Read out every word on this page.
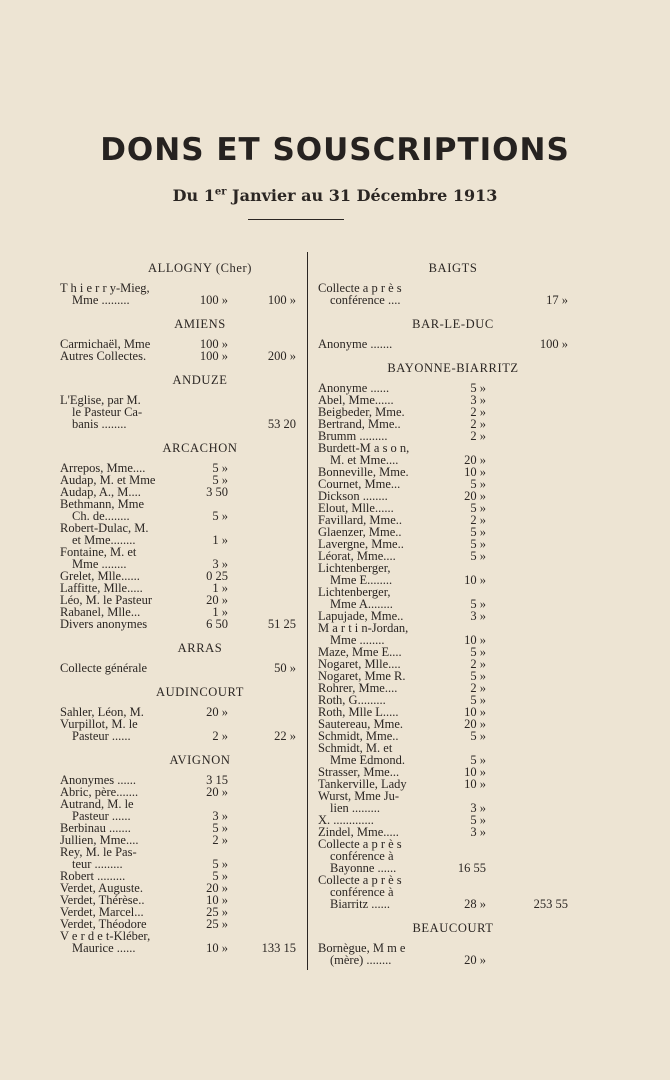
DONS ET SOUSCRIPTIONS
Du 1er Janvier au 31 Décembre 1913
ALLOGNY (Cher)
T h i e r r y-Mieg,
Mme .........	100 »	100 »
AMIENS
Carmichaël, Mme	100 »
Autres Collectes.	100 »	200 »
ANDUZE
L'Eglise, par M.
le Pasteur Ca-
banis ........	53 20
ARCACHON
Arrepos, Mme....	5 »
Audap, M. et Mme	5 »
Audap, A., M....	3 50
Bethmann, Mme
Ch. de........	5 »
Robert-Dulac, M.
et Mme........	1 »
Fontaine, M. et
Mme ........	3 »
Grelet, Mlle......	0 25
Laffitte, Mlle.....	1 »
Léo, M. le Pasteur	20 »
Rabanel, Mlle...	1 »
Divers anonymes	6 50	51 25
ARRAS
Collecte générale	50 »
AUDINCOURT
Sahler, Léon, M.	20 »
Vurpillot, M. le
Pasteur ......	2 »	22 »
AVIGNON
Anonymes ......	3 15
Abric, père.......	20 »
Autrand, M. le
Pasteur ......	3 »
Berbinau .......	5 »
Jullien, Mme....	2 »
Rey, M. le Pas-
teur .........	5 »
Robert .........	5 »
Verdet, Auguste.	20 »
Verdet, Thérèse..	10 »
Verdet, Marcel...	25 »
Verdet, Théodore	25 »
V e r d e t-Kléber,
Maurice ......	10 »	133 15
BAIGTS
Collecte a p r è s
conférence ....	17 »
BAR-LE-DUC
Anonyme .......	100 »
BAYONNE-BIARRITZ
Anonyme ......	5 »
Abel, Mme......	3 »
Beigbeder, Mme.	2 »
Bertrand, Mme..	2 »
Brumm .........	2 »
Burdett-M a s o n,
M. et Mme....	20 »
Bonneville, Mme.	10 »
Cournet, Mme...	5 »
Dickson ........	20 »
Elout, Mlle......	5 »
Favillard, Mme..	2 »
Glaenzer, Mme..	5 »
Lavergne, Mme..	5 »
Léorat, Mme....	5 »
Lichtenberger,
Mme E........	10 »
Lichtenberger,
Mme A........	5 »
Lapujade, Mme..	3 »
M a r t i n-Jordan,
Mme ........	10 »
Maze, Mme E....	5 »
Nogaret, Mlle....	2 »
Nogaret, Mme R.	5 »
Rohrer, Mme....	2 »
Roth, G.........	5 »
Roth, Mlle L.....	10 »
Sautereau, Mme.	20 »
Schmidt, Mme..	5 »
Schmidt, M. et
Mme Edmond.	5 »
Strasser, Mme...	10 »
Tankerville, Lady	10 »
Wurst, Mme Ju-
lien .........	3 »
X. .............	5 »
Zindel, Mme.....	3 »
Collecte a p r è s
conférence à
Bayonne ......	16 55
Collecte a p r è s
conférence à
Biarritz ......	28 »	253 55
BEAUCOURT
Bornègue, M m e
(mère) ........	20 »
